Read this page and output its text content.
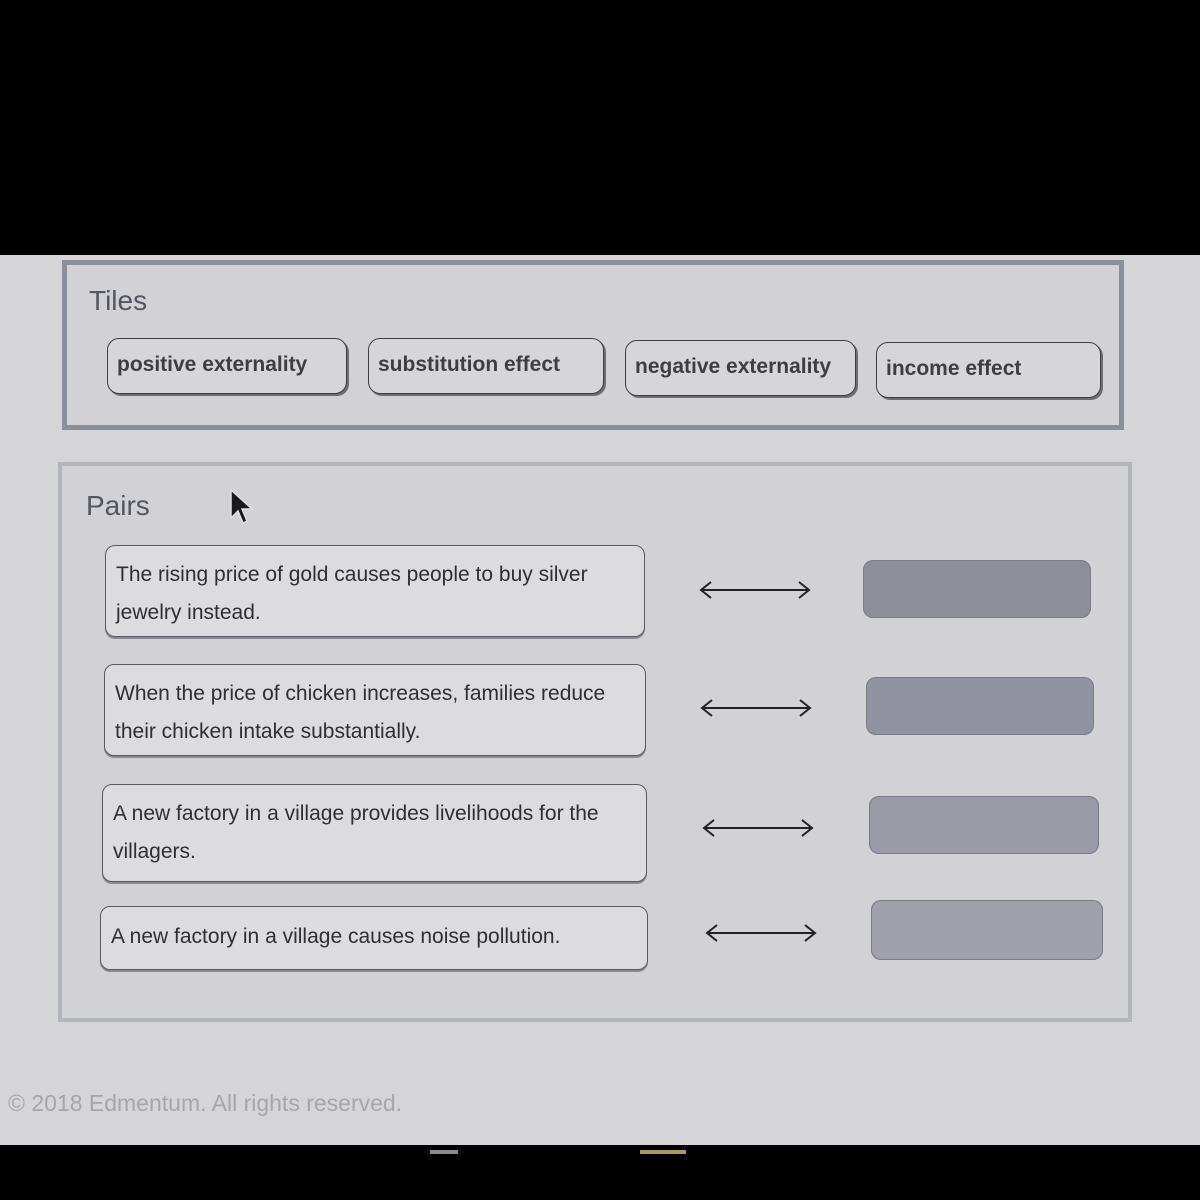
Tiles
positive externality	substitution effect	negative externality	income effect
Pairs
The rising price of gold causes people to buy silver jewelry instead.
When the price of chicken increases, families reduce their chicken intake substantially.
A new factory in a village provides livelihoods for the villagers.
A new factory in a village causes noise pollution.
© 2018 Edmentum. All rights reserved.
